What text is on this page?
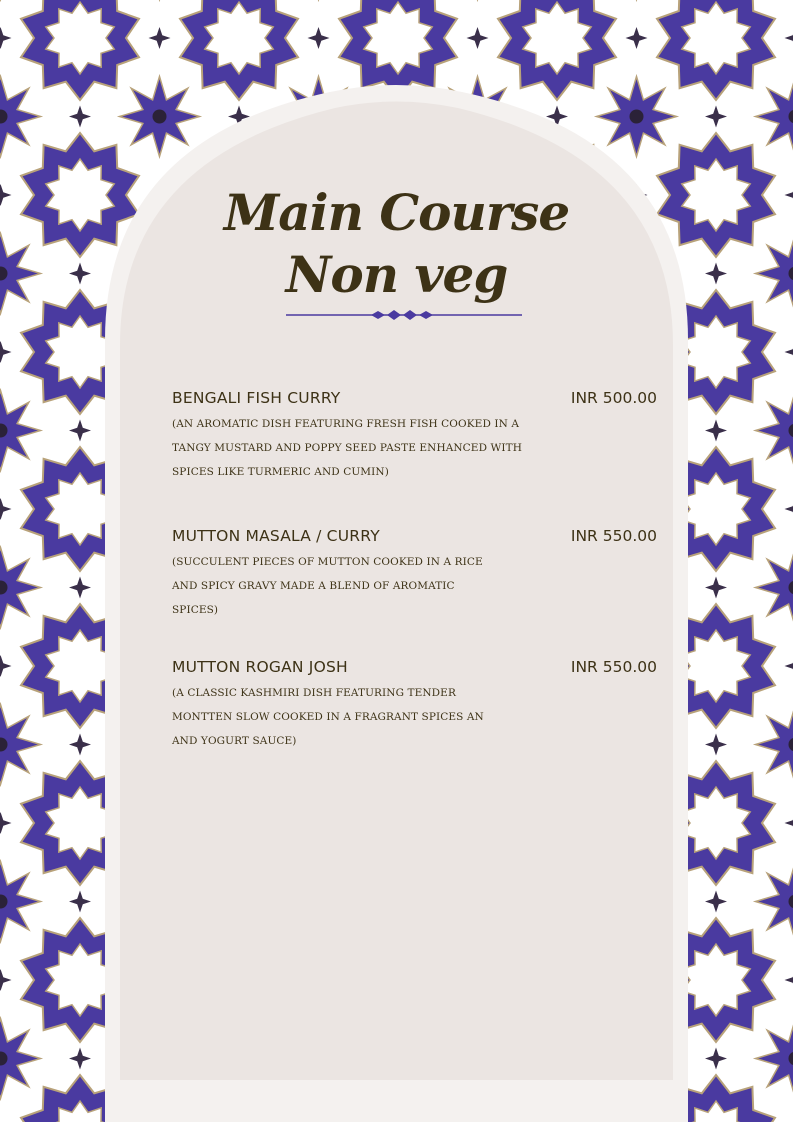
Main Course
Non veg
BENGALI FISH CURRY	INR 500.00
(AN AROMATIC DISH FEATURING FRESH FISH COOKED IN A TANGY MUSTARD AND POPPY SEED PASTE ENHANCED WITH SPICES LIKE TURMERIC AND CUMIN)
MUTTON MASALA / CURRY	INR 550.00
(SUCCULENT PIECES OF MUTTON COOKED IN A RICE AND SPICY GRAVY MADE A BLEND OF AROMATIC SPICES)
MUTTON ROGAN JOSH	INR 550.00
(A CLASSIC KASHMIRI DISH FEATURING TENDER MONTTEN SLOW COOKED IN A FRAGRANT SPICES AN AND YOGURT SAUCE)
